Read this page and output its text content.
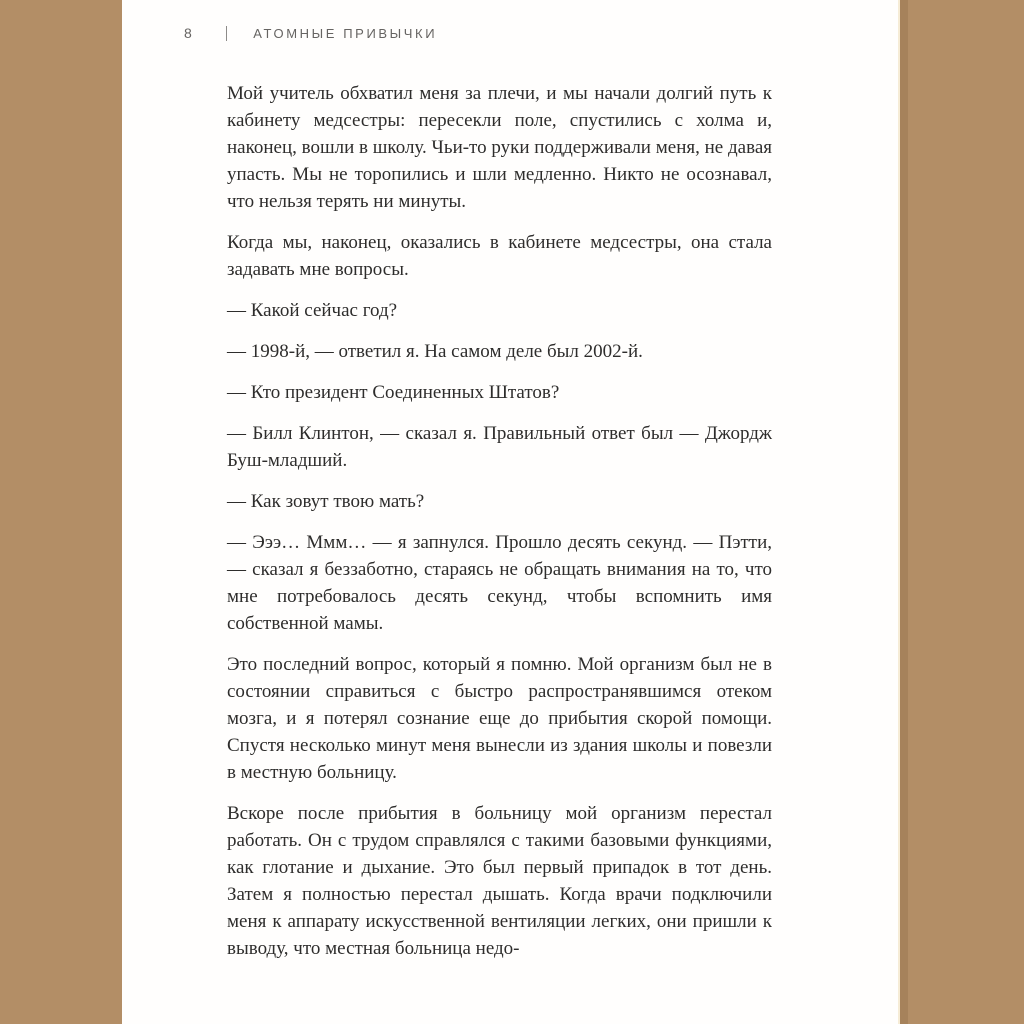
8	АТОМНЫЕ ПРИВЫЧКИ

Мой учитель обхватил меня за плечи, и мы начали долгий путь к кабинету медсестры: пересекли поле, спустились с холма и, наконец, вошли в школу. Чьи-то руки поддерживали меня, не давая упасть. Мы не торопились и шли медленно. Никто не осознавал, что нельзя терять ни минуты.

Когда мы, наконец, оказались в кабинете медсестры, она стала задавать мне вопросы.

— Какой сейчас год?

— 1998-й, — ответил я. На самом деле был 2002-й.

— Кто президент Соединенных Штатов?

— Билл Клинтон, — сказал я. Правильный ответ был — Джордж Буш-младший.

— Как зовут твою мать?

— Эээ… Ммм… — я запнулся. Прошло десять секунд. — Пэтти, — сказал я беззаботно, стараясь не обращать внимания на то, что мне потребовалось десять секунд, чтобы вспомнить имя собственной мамы.

Это последний вопрос, который я помню. Мой организм был не в состоянии справиться с быстро распространявшимся отеком мозга, и я потерял сознание еще до прибытия скорой помощи. Спустя несколько минут меня вынесли из здания школы и повезли в местную больницу.

Вскоре после прибытия в больницу мой организм перестал работать. Он с трудом справлялся с такими базовыми функциями, как глотание и дыхание. Это был первый припадок в тот день. Затем я полностью перестал дышать. Когда врачи подключили меня к аппарату искусственной вентиляции легких, они пришли к выводу, что местная больница недо-
